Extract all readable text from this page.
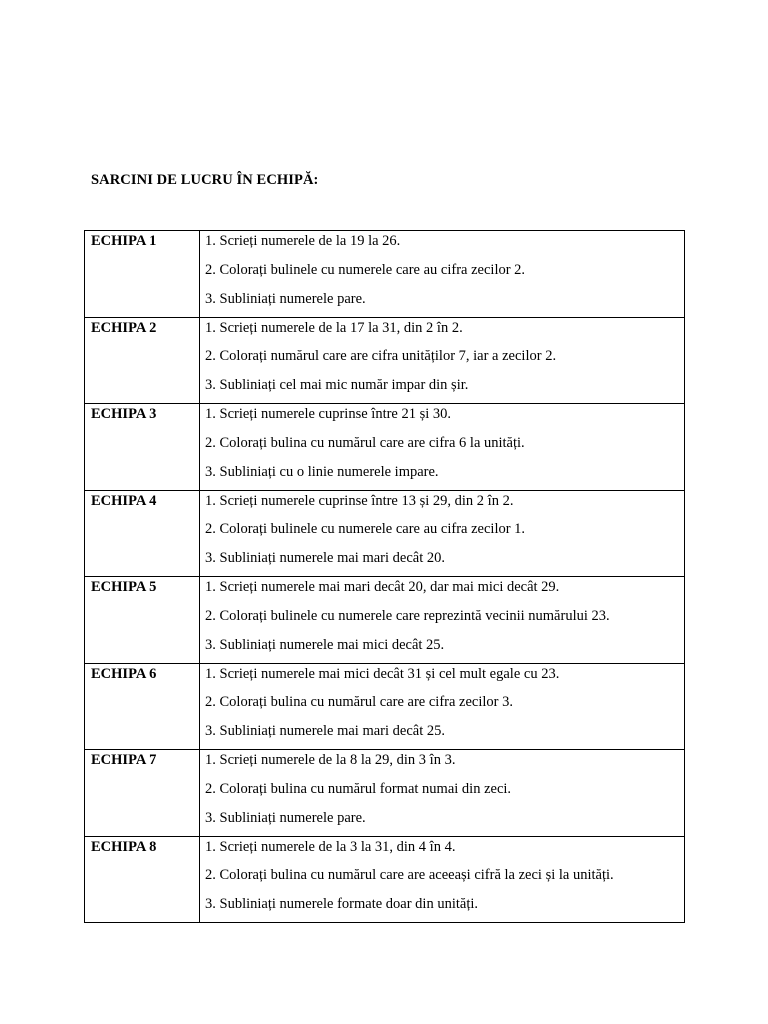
SARCINI DE LUCRU ÎN ECHIPĂ:
ECHIPA 1	1. Scrieți numerele de la 19 la 26.
2. Colorați bulinele cu numerele care au cifra zecilor 2.
3. Subliniați numerele pare.

ECHIPA 2	1. Scrieți numerele de la 17 la 31, din 2 în 2.
2. Colorați numărul care are cifra unităților 7, iar a zecilor 2.
3. Subliniați cel mai mic număr impar din șir.

ECHIPA 3	1. Scrieți numerele cuprinse între 21 și 30.
2. Colorați bulina cu numărul care are cifra 6 la unități.
3. Subliniați cu o linie numerele impare.

ECHIPA 4	1. Scrieți numerele cuprinse între 13 și 29, din 2 în 2.
2. Colorați bulinele cu numerele care au cifra zecilor 1.
3. Subliniați numerele mai mari decât 20.

ECHIPA 5	1. Scrieți numerele mai mari decât 20, dar mai mici decât 29.
2. Colorați bulinele cu numerele care reprezintă vecinii numărului 23.
3. Subliniați numerele mai mici decât 25.

ECHIPA 6	1. Scrieți numerele mai mici decât 31 și cel mult egale cu 23.
2. Colorați bulina cu numărul care are cifra zecilor 3.
3. Subliniați numerele mai mari decât 25.

ECHIPA 7	1. Scrieți numerele de la 8 la 29, din 3 în 3.
2. Colorați bulina cu numărul format numai din zeci.
3. Subliniați numerele pare.

ECHIPA 8	1. Scrieți numerele de la 3 la 31, din 4 în 4.
2. Colorați bulina cu numărul care are aceeași cifră la zeci și la unități.
3. Subliniați numerele formate doar din unități.
